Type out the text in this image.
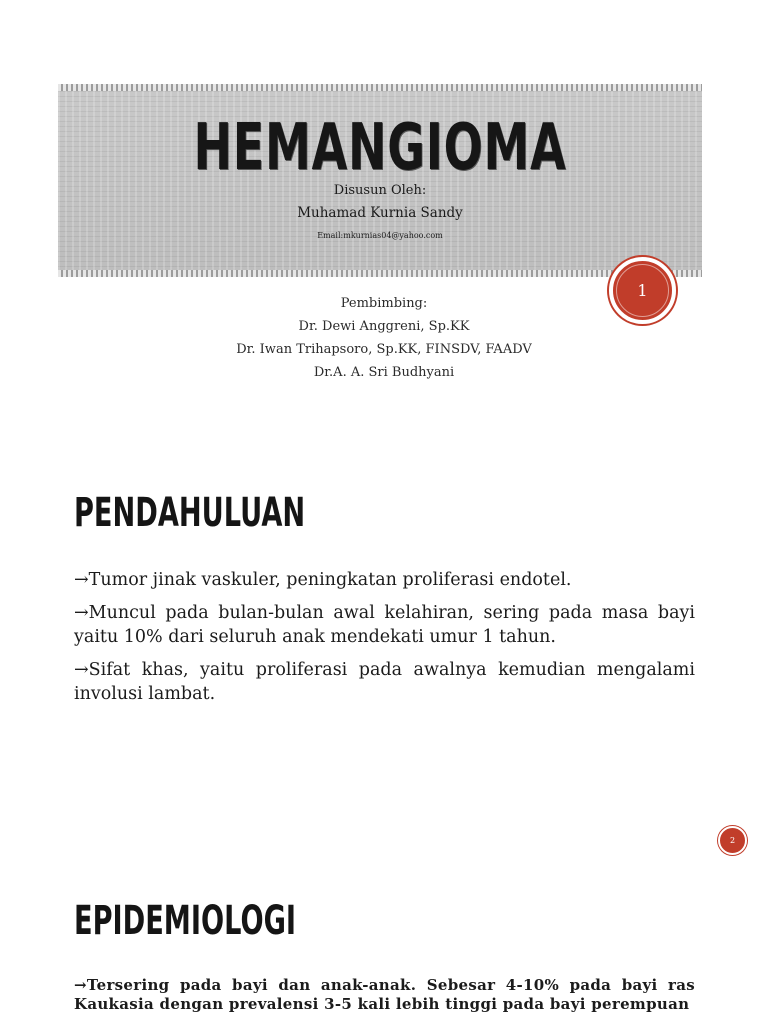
HEMANGIOMA
Disusun Oleh:
Muhamad Kurnia Sandy
Email:mkurnias04@yahoo.com
1
Pembimbing:
Dr. Dewi Anggreni, Sp.KK
Dr. Iwan Trihapsoro, Sp.KK, FINSDV, FAADV
Dr.A. A. Sri Budhyani
PENDAHULUAN

→Tumor jinak vaskuler, peningkatan proliferasi endotel.

→Muncul pada bulan-bulan awal kelahiran, sering pada masa bayi yaitu 10% dari seluruh anak mendekati umur 1 tahun.

→Sifat khas, yaitu proliferasi pada awalnya kemudian mengalami involusi lambat.

2
EPIDEMIOLOGI

→Tersering pada bayi dan anak-anak. Sebesar 4-10% pada bayi ras Kaukasia dengan prevalensi 3-5 kali lebih tinggi pada bayi perempuan
